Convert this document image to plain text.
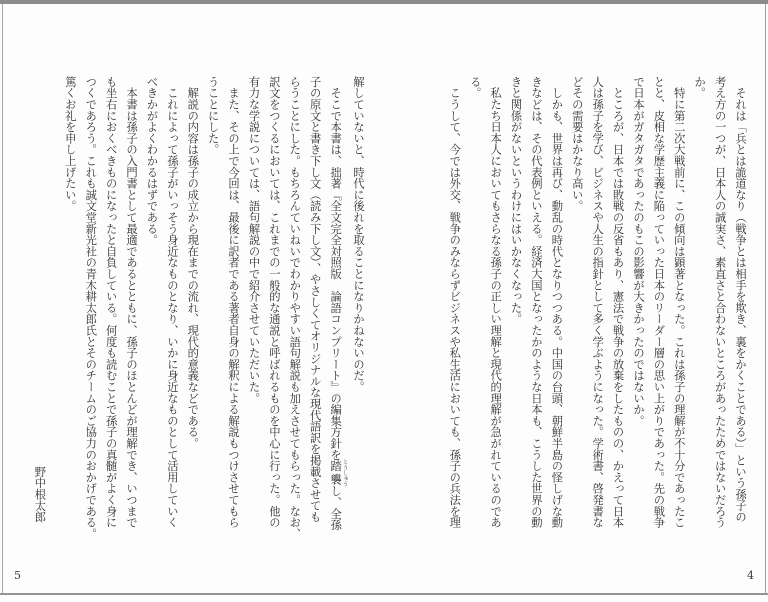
解していないと、時代に後れを取ることになりかねないのだ。
　そこで本書は、拙著『全文完全対照版　論語コンプリート』の編集方針を踏襲 とうしゅうし、全孫
子の原文と書き下し文（読み下し文）、やさしくてオリジナルな現代語訳を掲載させても
らうことにした。もちろんていねいでわかりやすい語句解説も加えさせてもらった。なお、
訳文をつくるにおいては、これまでの一般的な通説と呼ばれるものを中心に行った。他の
有力な学説については、語句解説の中で紹介させていただいた。
　また、その上で今回は、最後に訳者である著者自身の解釈による解説もつけさせてもら
うことにした。
　解説の内容は孫子の成立から現在までの流れ、現代的意義などである。
　これによって孫子がいっそう身近なものとなり、いかに身近なものとして活用していく
べきかがよくわかるはずである。
　本書は孫子の入門書として最適であるとともに、孫子のほとんどが理解でき、いつまで
も坐右におくべきものになったと自負している。何度も読むことで孫子の真髄がよく身に
つくであろう。これも誠文堂新光社の青木耕太郎氏とそのチームのご協力のおかげである。
篤くお礼を申し上げたい。
野中根太郎
5
　それは「兵とは詭道なり（戦争とは相手を欺き、裏をかくことである）」という孫子の
考え方の一つが、日本人の誠実さ、素直さと合わないところがあったためではないだろう
か。
　特に第二次大戦前に、この傾向は顕著となった。これは孫子の理解が不十分であったこ
とと、皮相な学歴主義に陥っていった日本のリーダー層の思い上がりであった。先の戦争
で日本がガタガタであったのもこの影響が大きかったのではないか。
　ところが、日本では敗戦の反省もあり、憲法で戦争の放棄をしたものの、かえって日本
人は孫子を学び、ビジネスや人生の指針として多く学ぶようになった。学術書、啓発書な
どその需要はかなり高い。
　しかも、世界は再び、動乱の時代となりつつある。中国の台頭、朝鮮半島の怪しげな動
きなどは、その代表例といえる。経済大国となったかのような日本も、こうした世界の動
きと関係がないというわけにはいかなくなった。
　私たち日本人においてもさらなる孫子の正しい理解と現代的理解が急がれているのであ
る。
　こうして、今では外交、戦争のみならずビジネスや私生活においても、孫子の兵法を理
4
